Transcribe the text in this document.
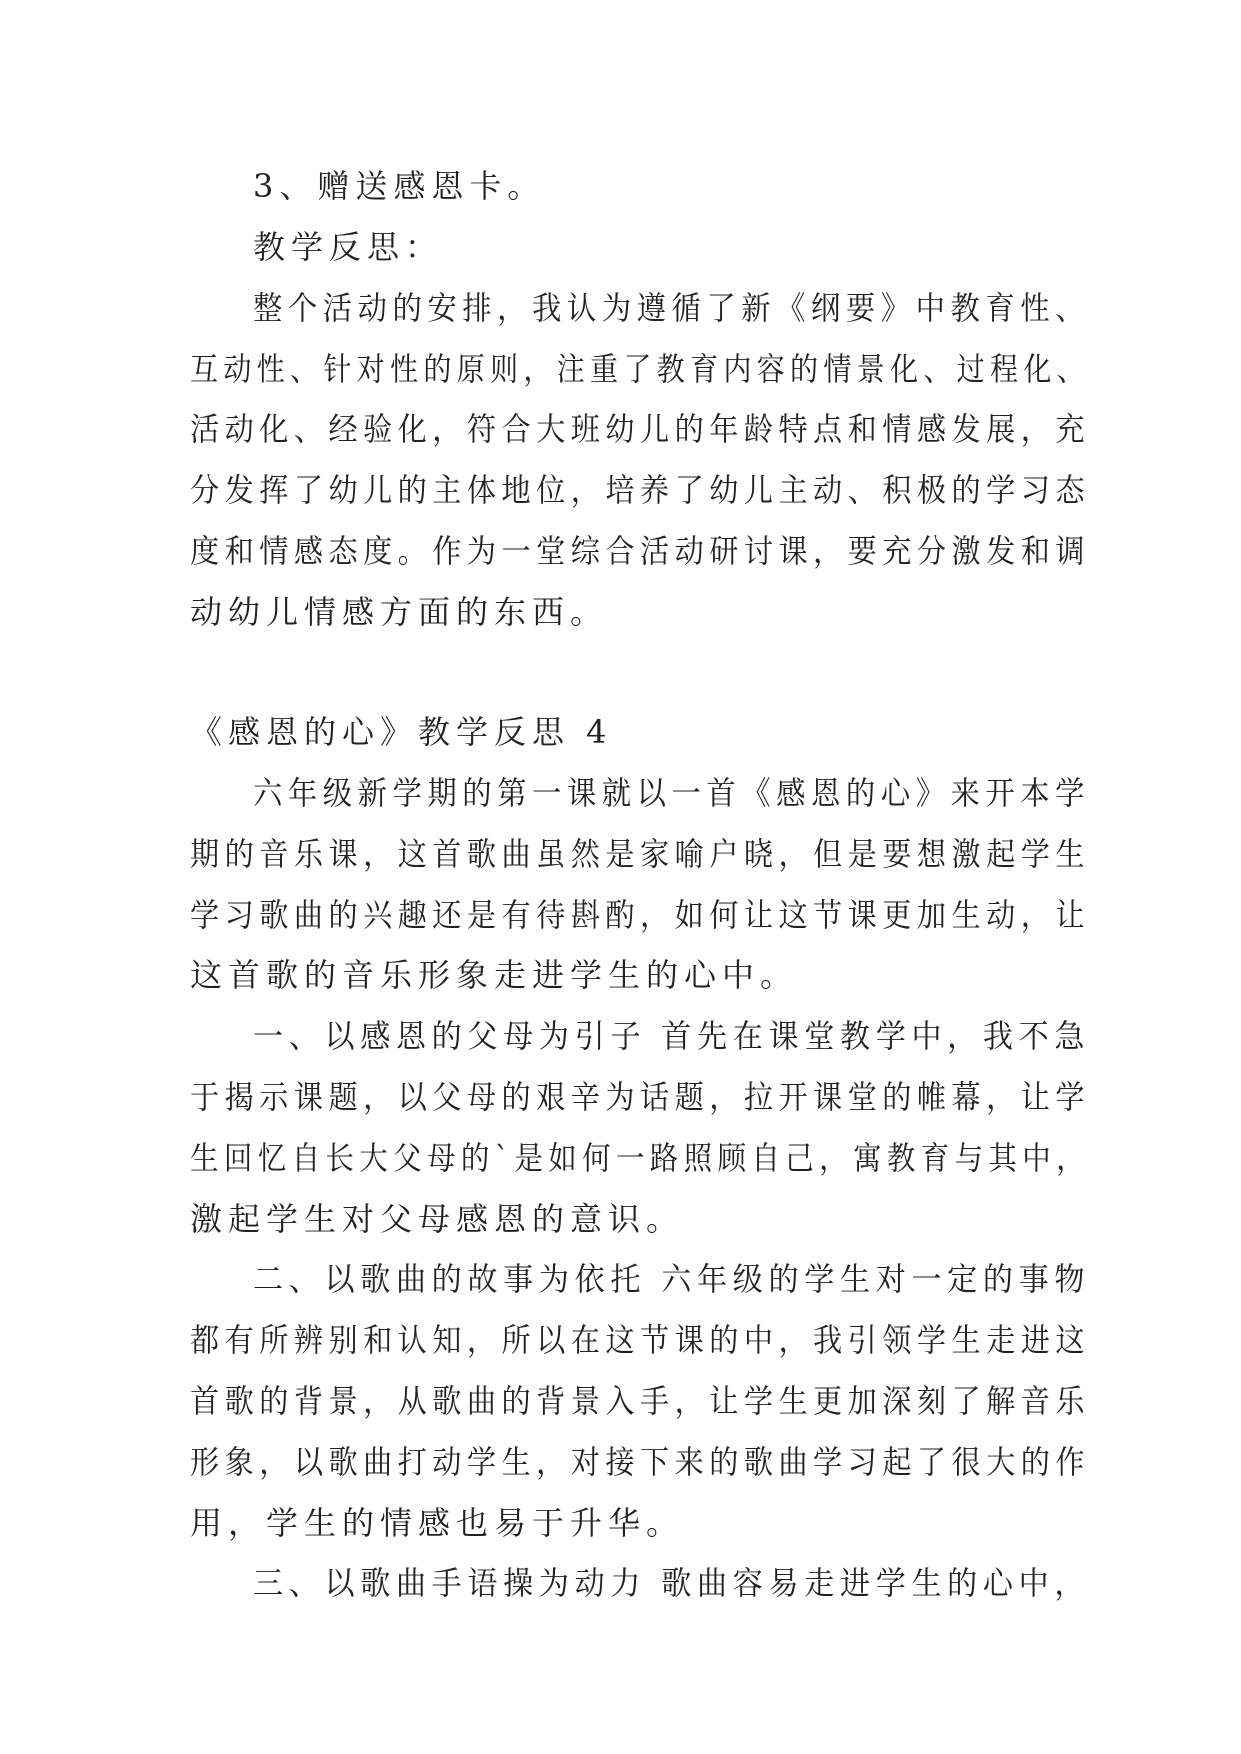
3、赠送感恩卡。
教学反思：
整个活动的安排，我认为遵循了新《纲要》中教育性、
互动性、针对性的原则，注重了教育内容的情景化、过程化、
活动化、经验化，符合大班幼儿的年龄特点和情感发展，充
分发挥了幼儿的主体地位，培养了幼儿主动、积极的学习态
度和情感态度。作为一堂综合活动研讨课，要充分激发和调
动幼儿情感方面的东西。
《感恩的心》教学反思 4
六年级新学期的第一课就以一首《感恩的心》来开本学
期的音乐课，这首歌曲虽然是家喻户晓，但是要想激起学生
学习歌曲的兴趣还是有待斟酌，如何让这节课更加生动，让
这首歌的音乐形象走进学生的心中。
一、以感恩的父母为引子 首先在课堂教学中，我不急
于揭示课题，以父母的艰辛为话题，拉开课堂的帷幕，让学
生回忆自长大父母的`是如何一路照顾自己，寓教育与其中，
激起学生对父母感恩的意识。
二、以歌曲的故事为依托 六年级的学生对一定的事物
都有所辨别和认知，所以在这节课的中，我引领学生走进这
首歌的背景，从歌曲的背景入手，让学生更加深刻了解音乐
形象，以歌曲打动学生，对接下来的歌曲学习起了很大的作
用，学生的情感也易于升华。
三、以歌曲手语操为动力 歌曲容易走进学生的心中，
